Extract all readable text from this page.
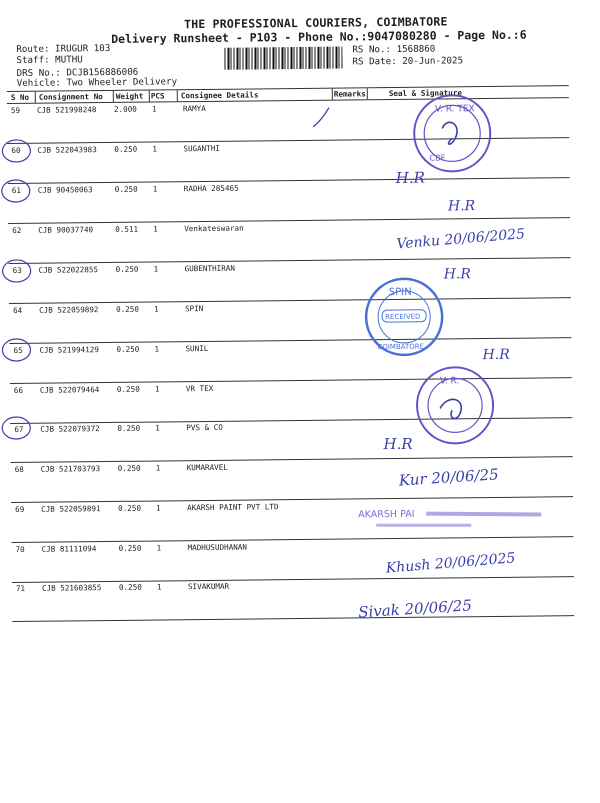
THE PROFESSIONAL COURIERS, COIMBATORE
Delivery Runsheet - P103 - Phone No.:9047080280 - Page No.:6
Route: IRUGUR 103
Staff: MUTHU
DRS No.: DCJB156886006
Vehicle: Two Wheeler Delivery
RS No.: 1568860
RS Date: 20-Jun-2025
S No Consignment No Weight PCS Consignee Details	Remarks	Seal & Signature
59 CJB 521998248 2.000 1	RAMYA
60 CJB 522043983 0.250 1	SUGANTHI
61 CJB 90450063	0.250 1	RADHA 285465
62 CJB 90037740	0.511 1	Venkateswaran
63 CJB 522022855 0.250 1	GUBENTHIRAN
64 CJB 522059892 0.250 1	SPIN
65 CJB 521994129 0.250 1	SUNIL
66 CJB 522079464 0.250 1	VR TEX
67 CJB 522079372 0.250 1	PVS & CO
68 CJB 521703793 0.250 1	KUMARAVEL
69 CJB 522059891 0.250 1	AKARSH PAINT PVT LTD
70 CJB 81111094	0.250 1	MADHUSUDHANAN
71 CJB 521603855 0.250 1	SIVAKUMAR
V. R. TEX
CBE
SPIN
RECEIVED
COIMBATORE
V. R.
AKARSH PAI
H.R
H.R
Venku 20/06/2025
H.R
H.R
H.R
Kur 20/06/25
Khush 20/06/2025
Sivak 20/06/25
